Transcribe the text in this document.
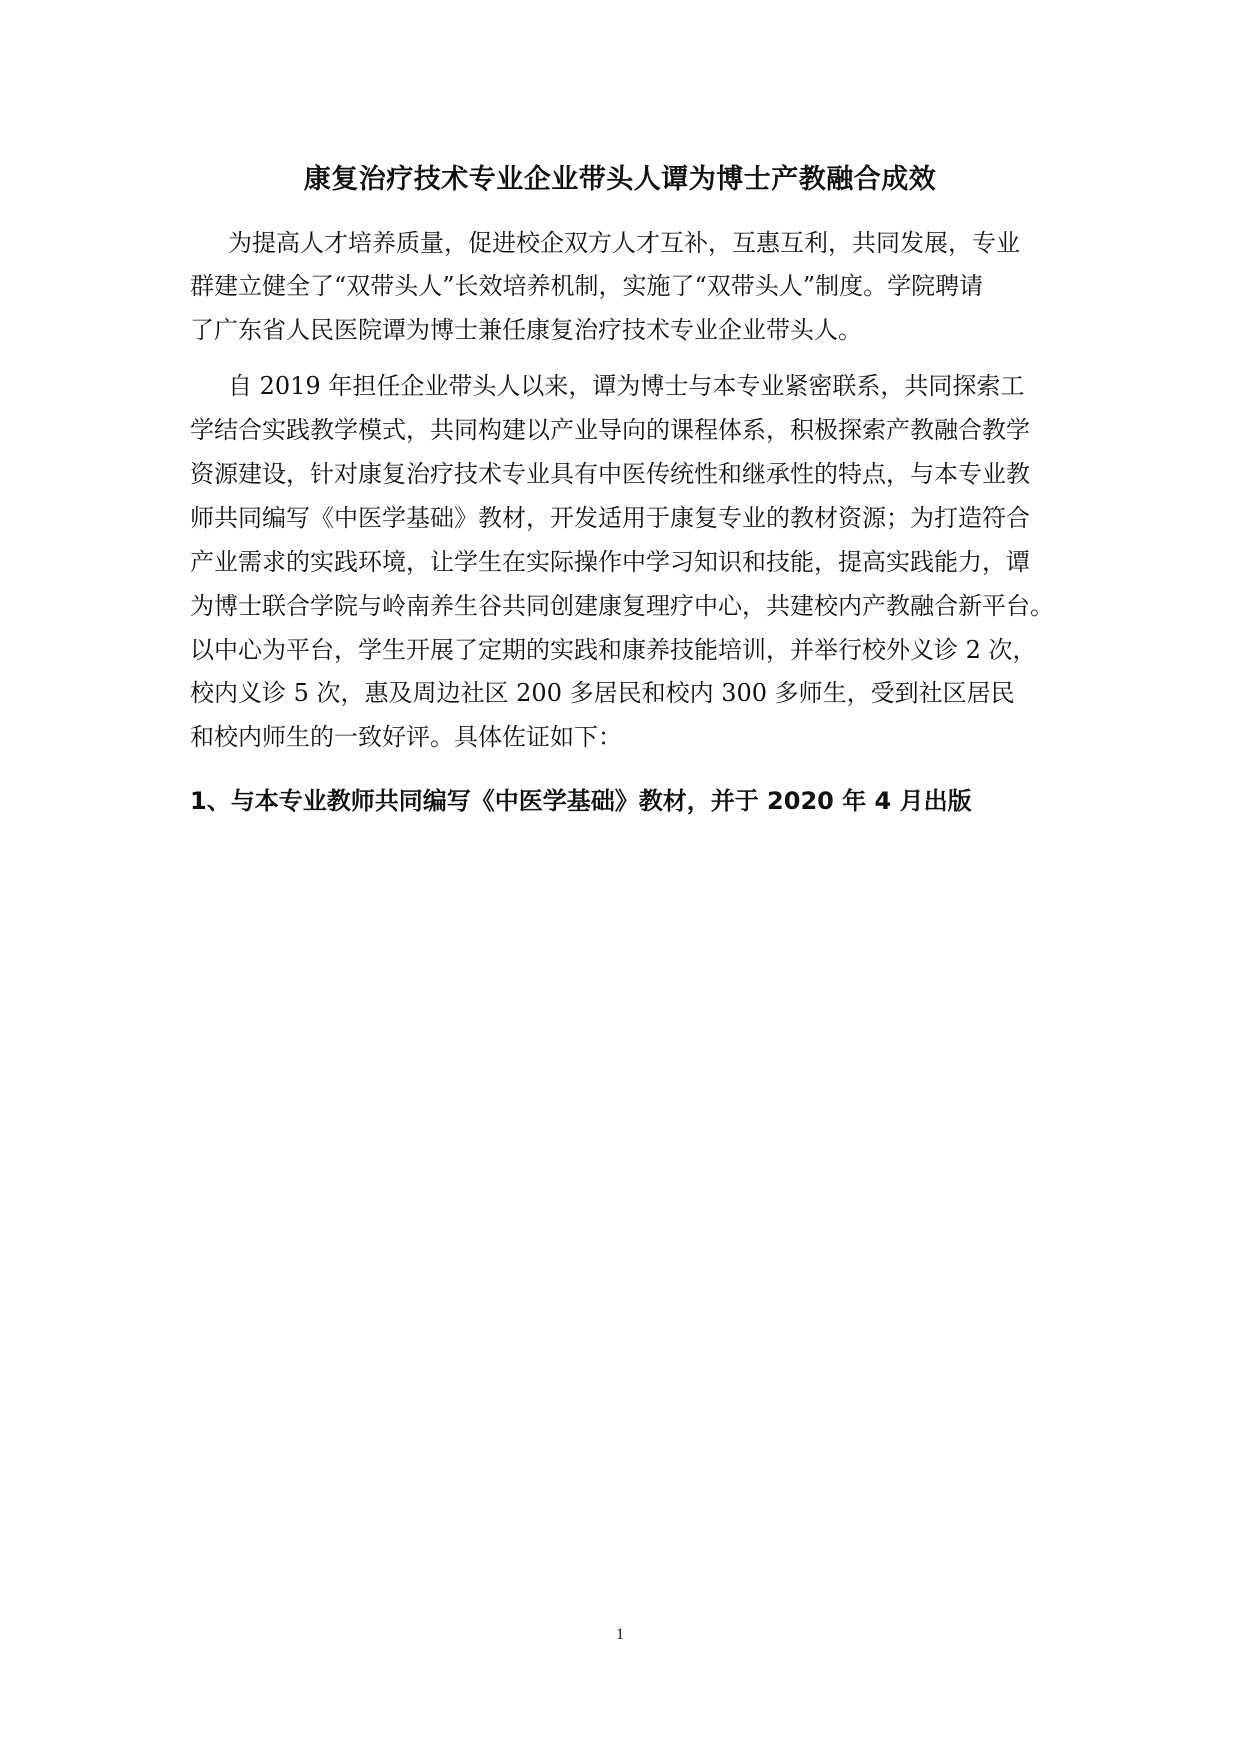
康复治疗技术专业企业带头人谭为博士产教融合成效
为提高人才培养质量，促进校企双方人才互补，互惠互利，共同发展，专业
群建立健全了“双带头人”长效培养机制，实施了“双带头人”制度。学院聘请
了广东省人民医院谭为博士兼任康复治疗技术专业企业带头人。
自 2019 年担任企业带头人以来，谭为博士与本专业紧密联系，共同探索工
学结合实践教学模式，共同构建以产业导向的课程体系，积极探索产教融合教学
资源建设，针对康复治疗技术专业具有中医传统性和继承性的特点，与本专业教
师共同编写《中医学基础》教材，开发适用于康复专业的教材资源；为打造符合
产业需求的实践环境，让学生在实际操作中学习知识和技能，提高实践能力，谭
为博士联合学院与岭南养生谷共同创建康复理疗中心，共建校内产教融合新平台。
以中心为平台，学生开展了定期的实践和康养技能培训，并举行校外义诊 2 次，
校内义诊 5 次，惠及周边社区 200 多居民和校内 300 多师生，受到社区居民
和校内师生的一致好评。具体佐证如下：
1、与本专业教师共同编写《中医学基础》教材，并于 2020 年 4 月出版
1
